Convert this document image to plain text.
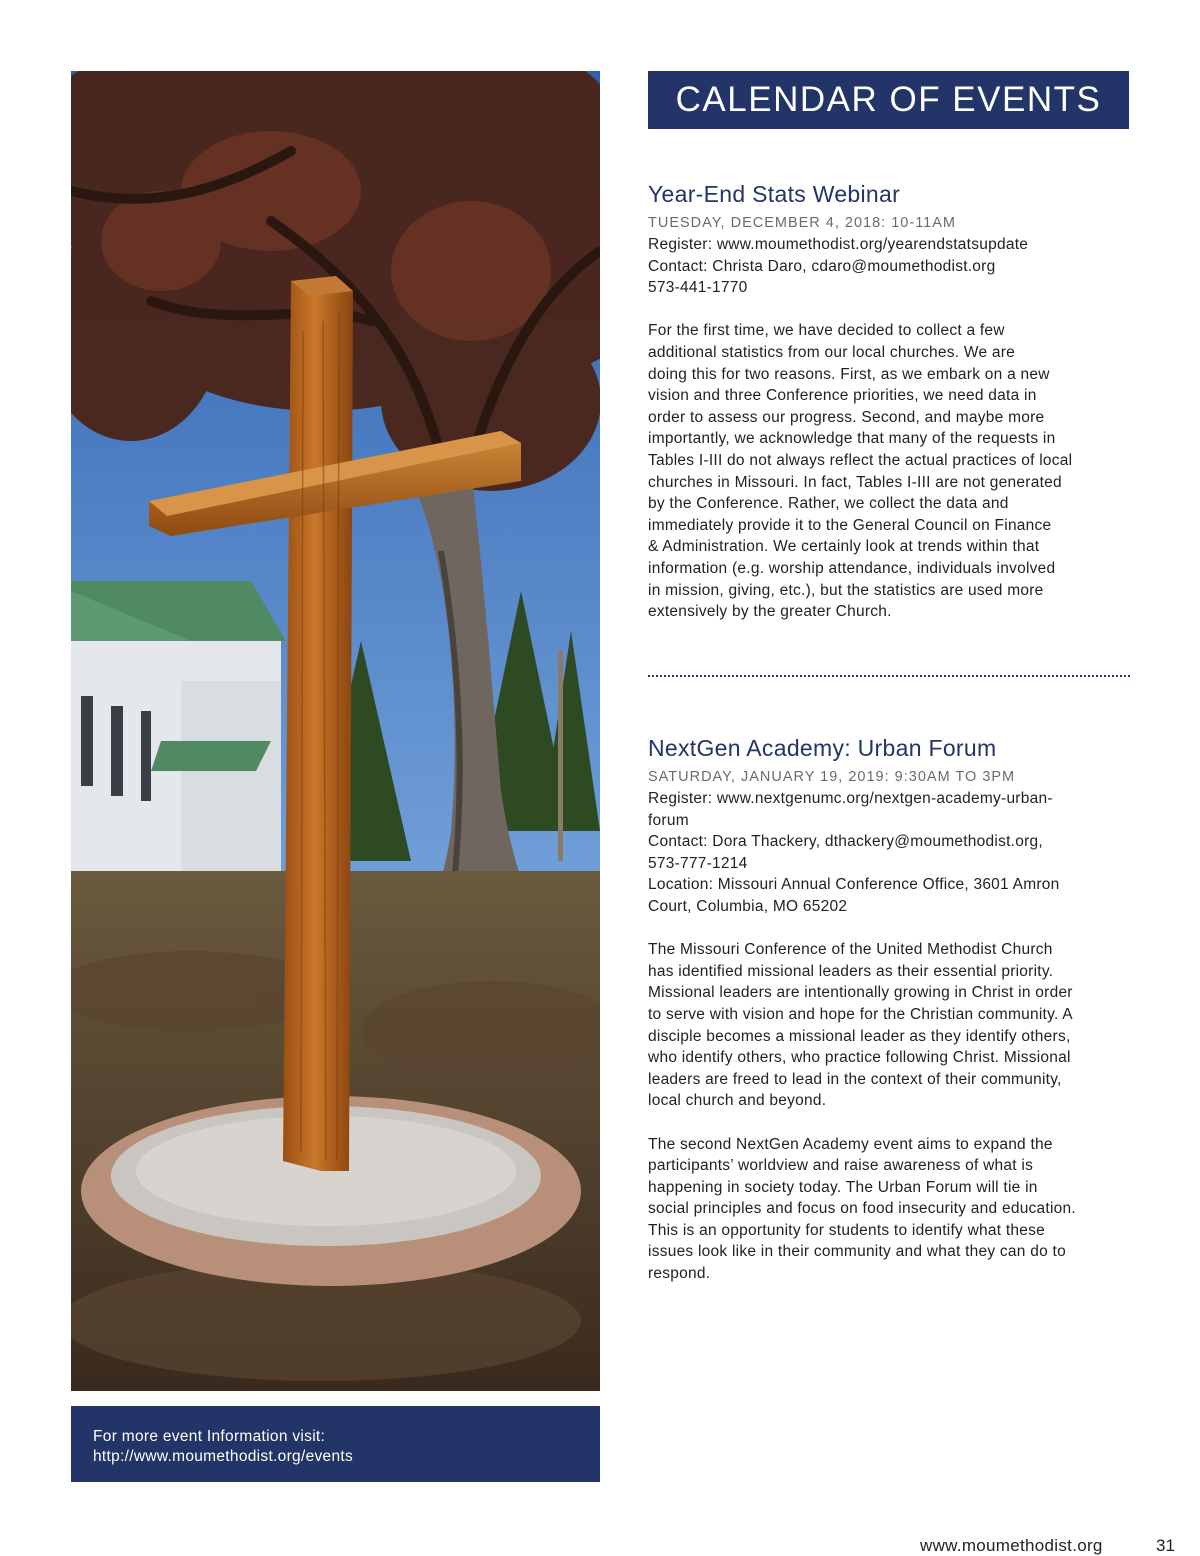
For more event Information visit:
http://www.moumethodist.org/events
CALENDAR OF EVENTS
Year-End Stats Webinar
TUESDAY, DECEMBER 4, 2018: 10-11AM
Register: www.moumethodist.org/yearendstatsupdate
Contact: Christa Daro, cdaro@moumethodist.org
573-441-1770
For the first time, we have decided to collect a few
additional statistics from our local churches. We are
doing this for two reasons. First, as we embark on a new
vision and three Conference priorities, we need data in
order to assess our progress. Second, and maybe more
importantly, we acknowledge that many of the requests in
Tables I-III do not always reflect the actual practices of local
churches in Missouri. In fact, Tables I-III are not generated
by the Conference. Rather, we collect the data and
immediately provide it to the General Council on Finance
& Administration. We certainly look at trends within that
information (e.g. worship attendance, individuals involved
in mission, giving, etc.), but the statistics are used more
extensively by the greater Church.
NextGen Academy: Urban Forum
SATURDAY, JANUARY 19, 2019: 9:30AM TO 3PM
Register: www.nextgenumc.org/nextgen-academy-urban-
forum
Contact: Dora Thackery, dthackery@moumethodist.org,
573-777-1214
Location: Missouri Annual Conference Office, 3601 Amron
Court, Columbia, MO 65202
The Missouri Conference of the United Methodist Church
has identified missional leaders as their essential priority.
Missional leaders are intentionally growing in Christ in order
to serve with vision and hope for the Christian community. A
disciple becomes a missional leader as they identify others,
who identify others, who practice following Christ. Missional
leaders are freed to lead in the context of their community,
local church and beyond.
The second NextGen Academy event aims to expand the
participants’ worldview and raise awareness of what is
happening in society today. The Urban Forum will tie in
social principles and focus on food insecurity and education.
This is an opportunity for students to identify what these
issues look like in their community and what they can do to
respond.
www.moumethodist.org	31
